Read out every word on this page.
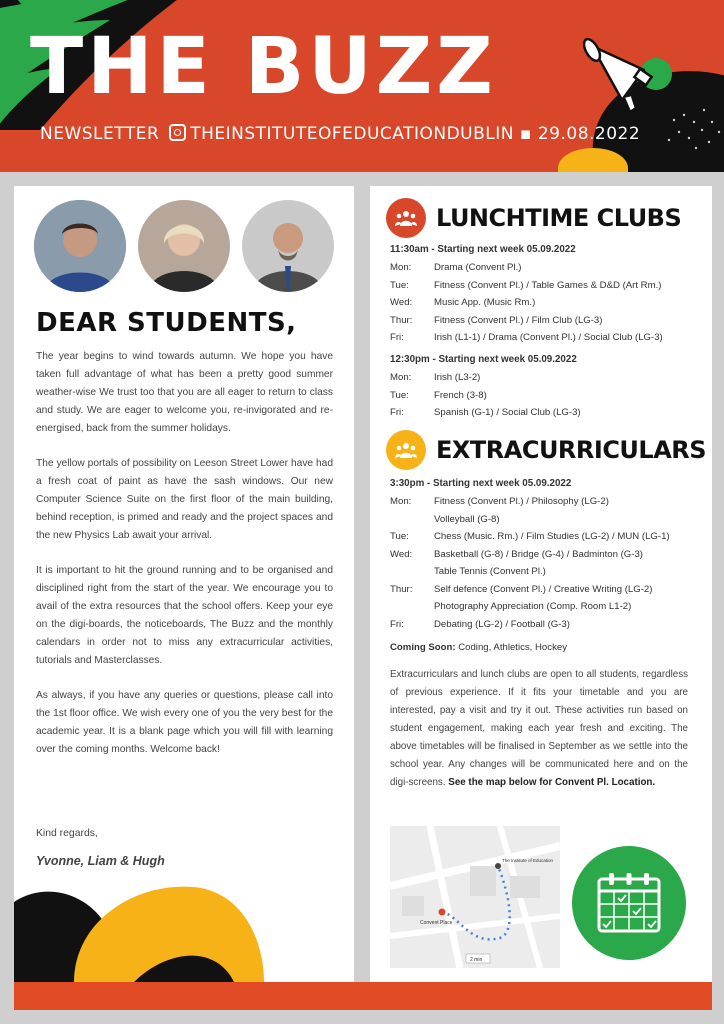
THE BUZZ
NEWSLETTER THEINSTITUTEOFEDUCATIONDUBLIN ▪ 29.08.2022
DEAR STUDENTS,

The year begins to wind towards autumn. We hope you have taken full advantage of what has been a pretty good summer weather-wise We trust too that you are all eager to return to class and study. We are eager to welcome you, re-invigorated and re-energised, back from the summer holidays.

The yellow portals of possibility on Leeson Street Lower have had a fresh coat of paint as have the sash windows. Our new Computer Science Suite on the first floor of the main building, behind reception, is primed and ready and the project spaces and the new Physics Lab await your arrival.

It is important to hit the ground running and to be organised and disciplined right from the start of the year. We encourage you to avail of the extra resources that the school offers. Keep your eye on the digi-boards, the noticeboards, The Buzz and the monthly calendars in order not to miss any extracurricular activities, tutorials and Masterclasses.

As always, if you have any queries or questions, please call into the 1st floor office. We wish every one of you the very best for the academic year. It is a blank page which you will fill with learning over the coming months. Welcome back!

Kind regards,
Yvonne, Liam & Hugh
LUNCHTIME CLUBS
11:30am - Starting next week 05.09.2022
Mon:	Drama (Convent Pl.)
Tue:	Fitness (Convent Pl.) / Table Games & D&D (Art Rm.)
Wed:	Music App. (Music Rm.)
Thur:	Fitness (Convent Pl.) / Film Club (LG-3)
Fri:	Irish (L1-1) / Drama (Convent Pl.) / Social Club (LG-3)
12:30pm - Starting next week 05.09.2022
Mon:	Irish (L3-2)
Tue:	French (3-8)
Fri:	Spanish (G-1) / Social Club (LG-3)
EXTRACURRICULARS
3:30pm - Starting next week 05.09.2022
Mon:	Fitness (Convent Pl.) / Philosophy (LG-2)
Volleyball (G-8)
Tue:	Chess (Music. Rm.) / Film Studies (LG-2) / MUN (LG-1)
Wed:	Basketball (G-8) / Bridge (G-4) / Badminton (G-3)
Table Tennis (Convent Pl.)
Thur:	Self defence (Convent Pl.) / Creative Writing (LG-2)
Photography Appreciation (Comp. Room L1-2)
Fri:	Debating (LG-2) / Football (G-3)
Coming Soon: Coding, Athletics, Hockey
Extracurriculars and lunch clubs are open to all students, regardless of previous experience. If it fits your timetable and you are interested, pay a visit and try it out. These activities run based on student engagement, making each year fresh and exciting. The above timetables will be finalised in September as we settle into the school year. Any changes will be communicated here and on the digi-screens. See the map below for Convent Pl. Location.
Convent Place
The Institute of Education
2 min
